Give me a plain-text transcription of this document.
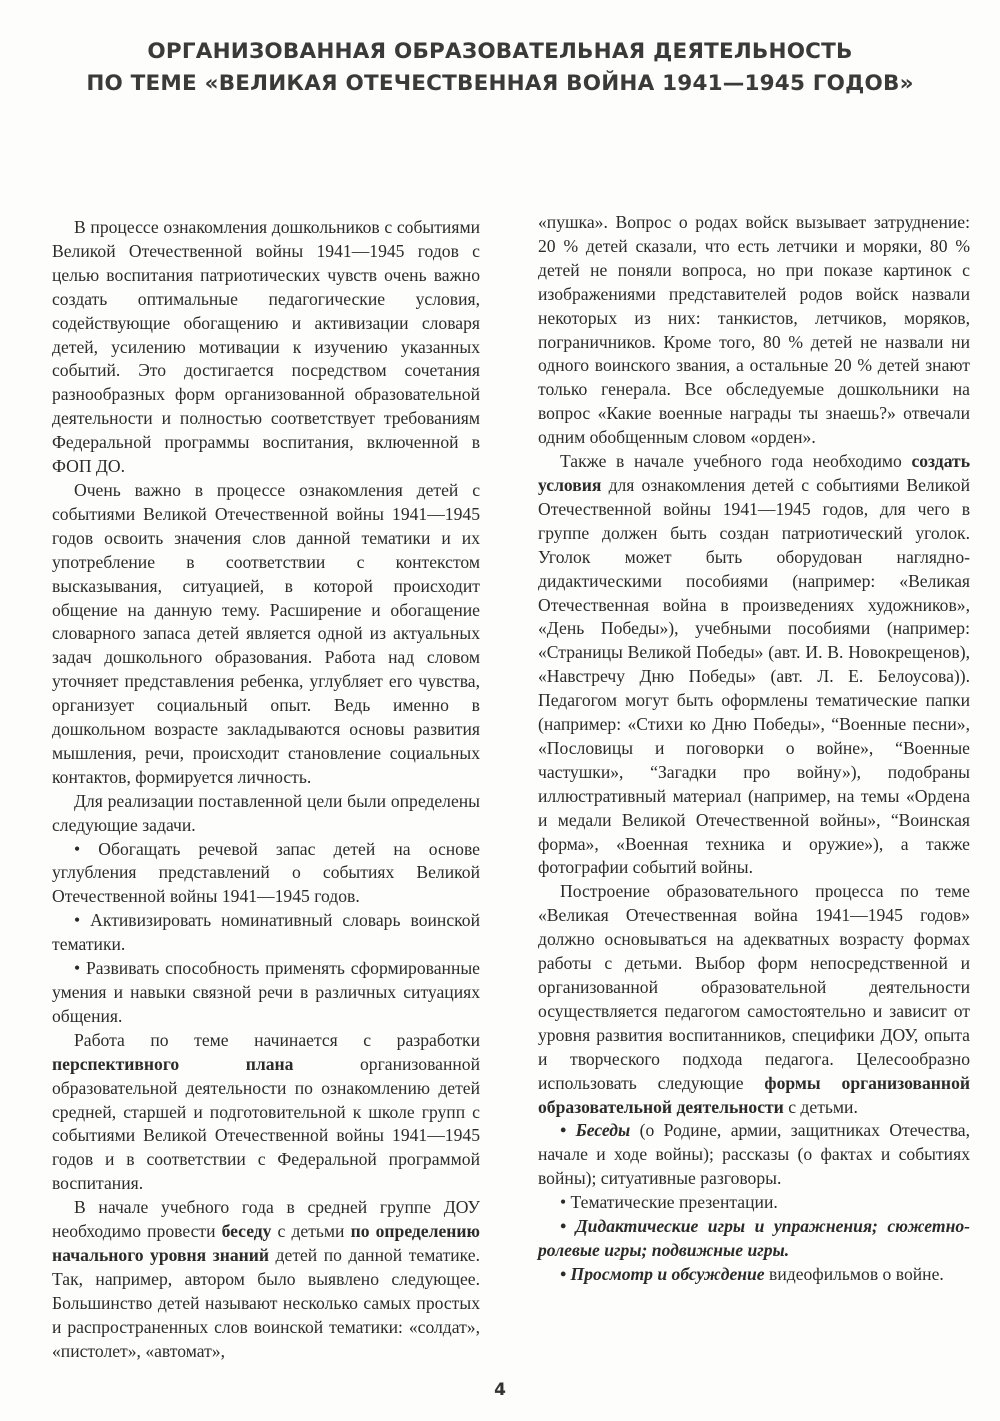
ОРГАНИЗОВАННАЯ ОБРАЗОВАТЕЛЬНАЯ ДЕЯТЕЛЬНОСТЬ
ПО ТЕМЕ «ВЕЛИКАЯ ОТЕЧЕСТВЕННАЯ ВОЙНА 1941—1945 ГОДОВ»

В процессе ознакомления дошкольников с событиями Великой Отечественной войны 1941—1945 годов с целью воспитания патриотических чувств очень важно создать оптимальные педагогические условия, содействующие обогащению и активизации словаря детей, усилению мотивации к изучению указанных событий. Это достигается посредством сочетания разнообразных форм организованной образовательной деятельности и полностью соответствует требованиям Федеральной программы воспитания, включенной в ФОП ДО.

Очень важно в процессе ознакомления детей с событиями Великой Отечественной войны 1941—1945 годов освоить значения слов данной тематики и их употребление в соответствии с контекстом высказывания, ситуацией, в которой происходит общение на данную тему. Расширение и обогащение словарного запаса детей является одной из актуальных задач дошкольного образования. Работа над словом уточняет представления ребенка, углубляет его чувства, организует социальный опыт. Ведь именно в дошкольном возрасте закладываются основы развития мышления, речи, происходит становление социальных контактов, формируется личность.

Для реализации поставленной цели были определены следующие задачи.

• Обогащать речевой запас детей на основе углубления представлений о событиях Великой Отечественной войны 1941—1945 годов.

• Активизировать номинативный словарь воинской тематики.

• Развивать способность применять сформированные умения и навыки связной речи в различных ситуациях общения.

Работа по теме начинается с разработки перспективного плана организованной образовательной деятельности по ознакомлению детей средней, старшей и подготовительной к школе групп с событиями Великой Отечественной войны 1941—1945 годов и в соответствии с Федеральной программой воспитания.

В начале учебного года в средней группе ДОУ необходимо провести беседу с детьми по определению начального уровня знаний детей по данной тематике. Так, например, автором было выявлено следующее. Большинство детей называют несколько самых простых и распространенных слов воинской тематики: «солдат», «пистолет», «автомат»,

«пушка». Вопрос о родах войск вызывает затруднение: 20 % детей сказали, что есть летчики и моряки, 80 % детей не поняли вопроса, но при показе картинок с изображениями представителей родов войск назвали некоторых из них: танкистов, летчиков, моряков, пограничников. Кроме того, 80 % детей не назвали ни одного воинского звания, а остальные 20 % детей знают только генерала. Все обследуемые дошкольники на вопрос «Какие военные награды ты знаешь?» отвечали одним обобщенным словом «орден».

Также в начале учебного года необходимо создать условия для ознакомления детей с событиями Великой Отечественной войны 1941—1945 годов, для чего в группе должен быть создан патриотический уголок. Уголок может быть оборудован наглядно-дидактическими пособиями (например: «Великая Отечественная война в произведениях художников», «День Победы»), учебными пособиями (например: «Страницы Великой Победы» (авт. И. В. Новокрещенов), «Навстречу Дню Победы» (авт. Л. Е. Белоусова)). Педагогом могут быть оформлены тематические папки (например: «Стихи ко Дню Победы», “Военные песни», «Пословицы и поговорки о войне», “Военные частушки», “Загадки про войну»), подобраны иллюстративный материал (например, на темы «Ордена и медали Великой Отечественной войны», “Воинская форма», «Военная техника и оружие»), а также фотографии событий войны.

Построение образовательного процесса по теме «Великая Отечественная война 1941—1945 годов» должно основываться на адекватных возрасту формах работы с детьми. Выбор форм непосредственной и организованной образовательной деятельности осуществляется педагогом самостоятельно и зависит от уровня развития воспитанников, специфики ДОУ, опыта и творческого подхода педагога. Целесообразно использовать следующие формы организованной образовательной деятельности с детьми.

• Беседы (о Родине, армии, защитниках Отечества, начале и ходе войны); рассказы (о фактах и событиях войны); ситуативные разговоры.

• Тематические презентации.

• Дидактические игры и упражнения; сюжетно-ролевые игры; подвижные игры.

• Просмотр и обсуждение видеофильмов о войне.

4
